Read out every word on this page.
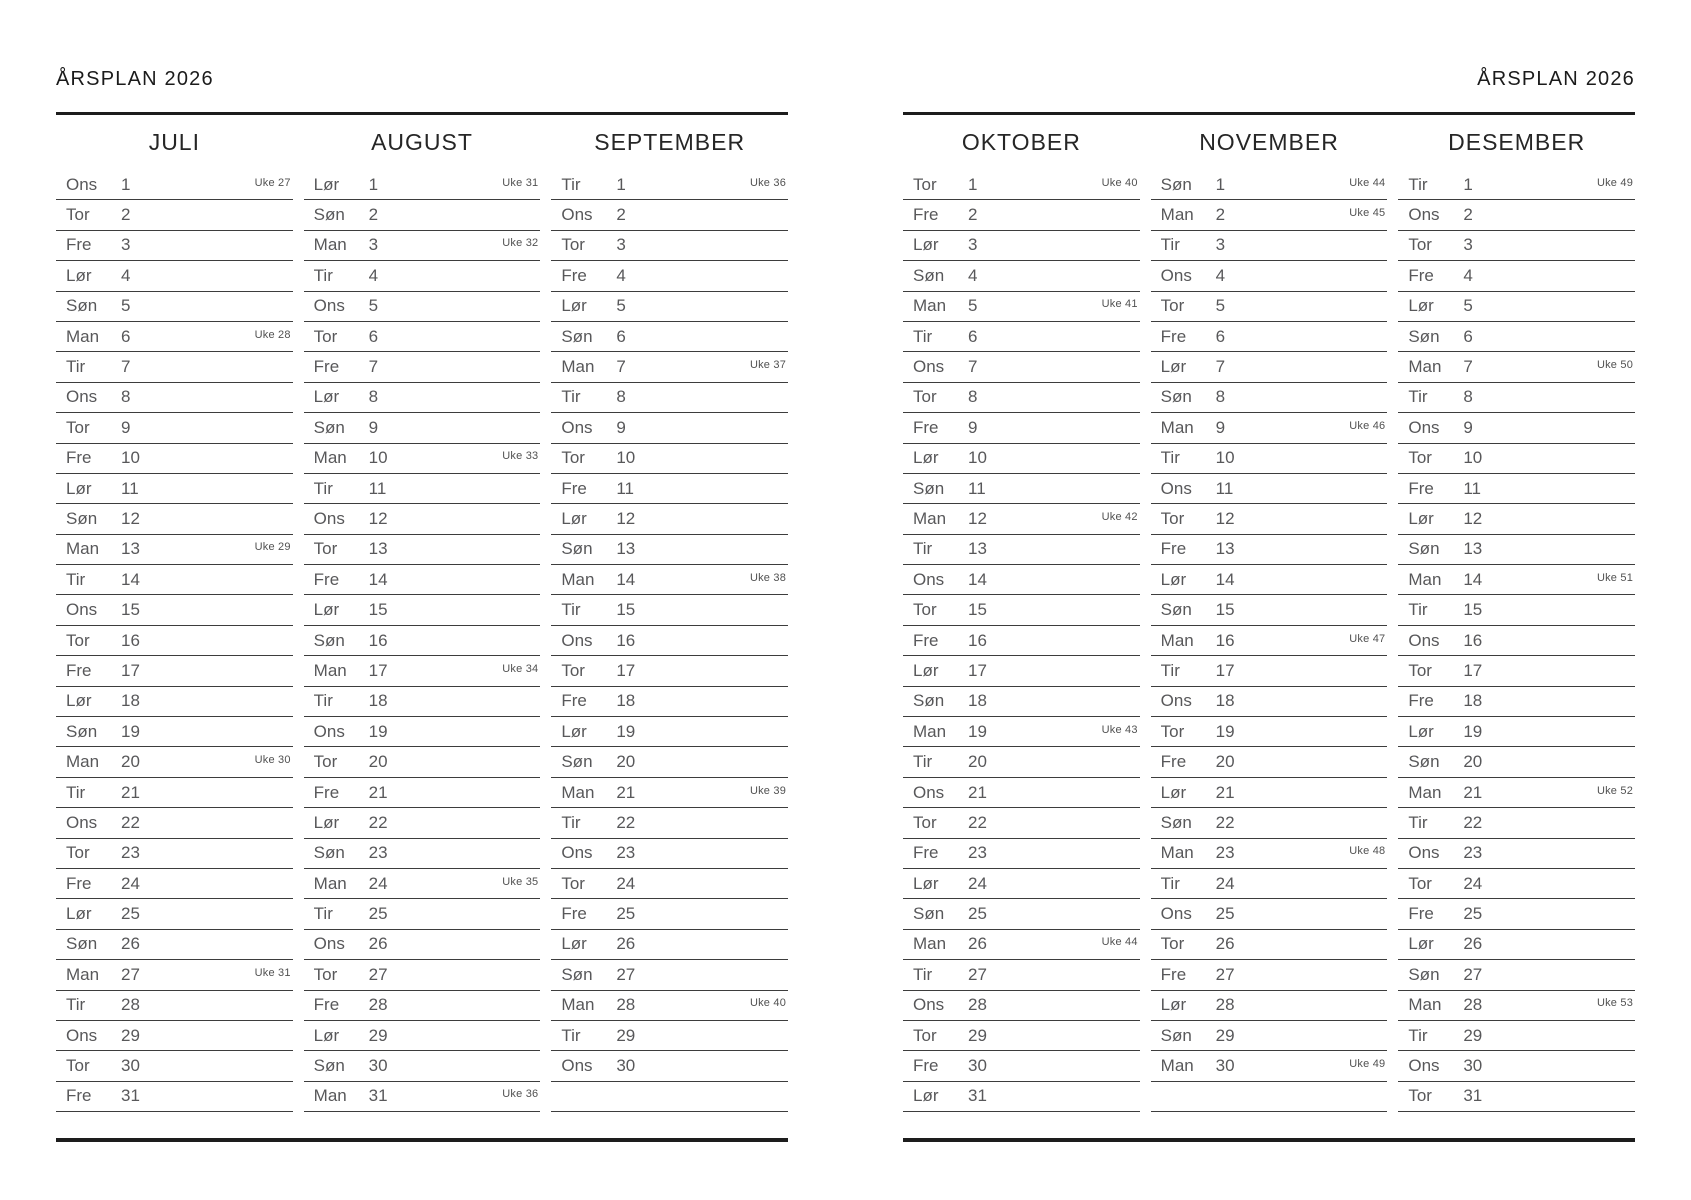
ÅRSPLAN 2026
JULI
Ons	1	Uke 27
Tor	2
Fre	3
Lør	4
Søn	5
Man	6	Uke 28
Tir	7
Ons	8
Tor	9
Fre	10
Lør	11
Søn	12
Man	13	Uke 29
Tir	14
Ons	15
Tor	16
Fre	17
Lør	18
Søn	19
Man	20	Uke 30
Tir	21
Ons	22
Tor	23
Fre	24
Lør	25
Søn	26
Man	27	Uke 31
Tir	28
Ons	29
Tor	30
Fre	31
AUGUST
Lør	1	Uke 31
Søn	2
Man	3	Uke 32
Tir	4
Ons	5
Tor	6
Fre	7
Lør	8
Søn	9
Man	10	Uke 33
Tir	11
Ons	12
Tor	13
Fre	14
Lør	15
Søn	16
Man	17	Uke 34
Tir	18
Ons	19
Tor	20
Fre	21
Lør	22
Søn	23
Man	24	Uke 35
Tir	25
Ons	26
Tor	27
Fre	28
Lør	29
Søn	30
Man	31	Uke 36
SEPTEMBER
Tir	1	Uke 36
Ons	2
Tor	3
Fre	4
Lør	5
Søn	6
Man	7	Uke 37
Tir	8
Ons	9
Tor	10
Fre	11
Lør	12
Søn	13
Man	14	Uke 38
Tir	15
Ons	16
Tor	17
Fre	18
Lør	19
Søn	20
Man	21	Uke 39
Tir	22
Ons	23
Tor	24
Fre	25
Lør	26
Søn	27
Man	28	Uke 40
Tir	29
Ons	30
ÅRSPLAN 2026
OKTOBER
Tor	1	Uke 40
Fre	2
Lør	3
Søn	4
Man	5	Uke 41
Tir	6
Ons	7
Tor	8
Fre	9
Lør	10
Søn	11
Man	12	Uke 42
Tir	13
Ons	14
Tor	15
Fre	16
Lør	17
Søn	18
Man	19	Uke 43
Tir	20
Ons	21
Tor	22
Fre	23
Lør	24
Søn	25
Man	26	Uke 44
Tir	27
Ons	28
Tor	29
Fre	30
Lør	31
NOVEMBER
Søn	1	Uke 44
Man	2	Uke 45
Tir	3
Ons	4
Tor	5
Fre	6
Lør	7
Søn	8
Man	9	Uke 46
Tir	10
Ons	11
Tor	12
Fre	13
Lør	14
Søn	15
Man	16	Uke 47
Tir	17
Ons	18
Tor	19
Fre	20
Lør	21
Søn	22
Man	23	Uke 48
Tir	24
Ons	25
Tor	26
Fre	27
Lør	28
Søn	29
Man	30	Uke 49
DESEMBER
Tir	1	Uke 49
Ons	2
Tor	3
Fre	4
Lør	5
Søn	6
Man	7	Uke 50
Tir	8
Ons	9
Tor	10
Fre	11
Lør	12
Søn	13
Man	14	Uke 51
Tir	15
Ons	16
Tor	17
Fre	18
Lør	19
Søn	20
Man	21	Uke 52
Tir	22
Ons	23
Tor	24
Fre	25
Lør	26
Søn	27
Man	28	Uke 53
Tir	29
Ons	30
Tor	31
